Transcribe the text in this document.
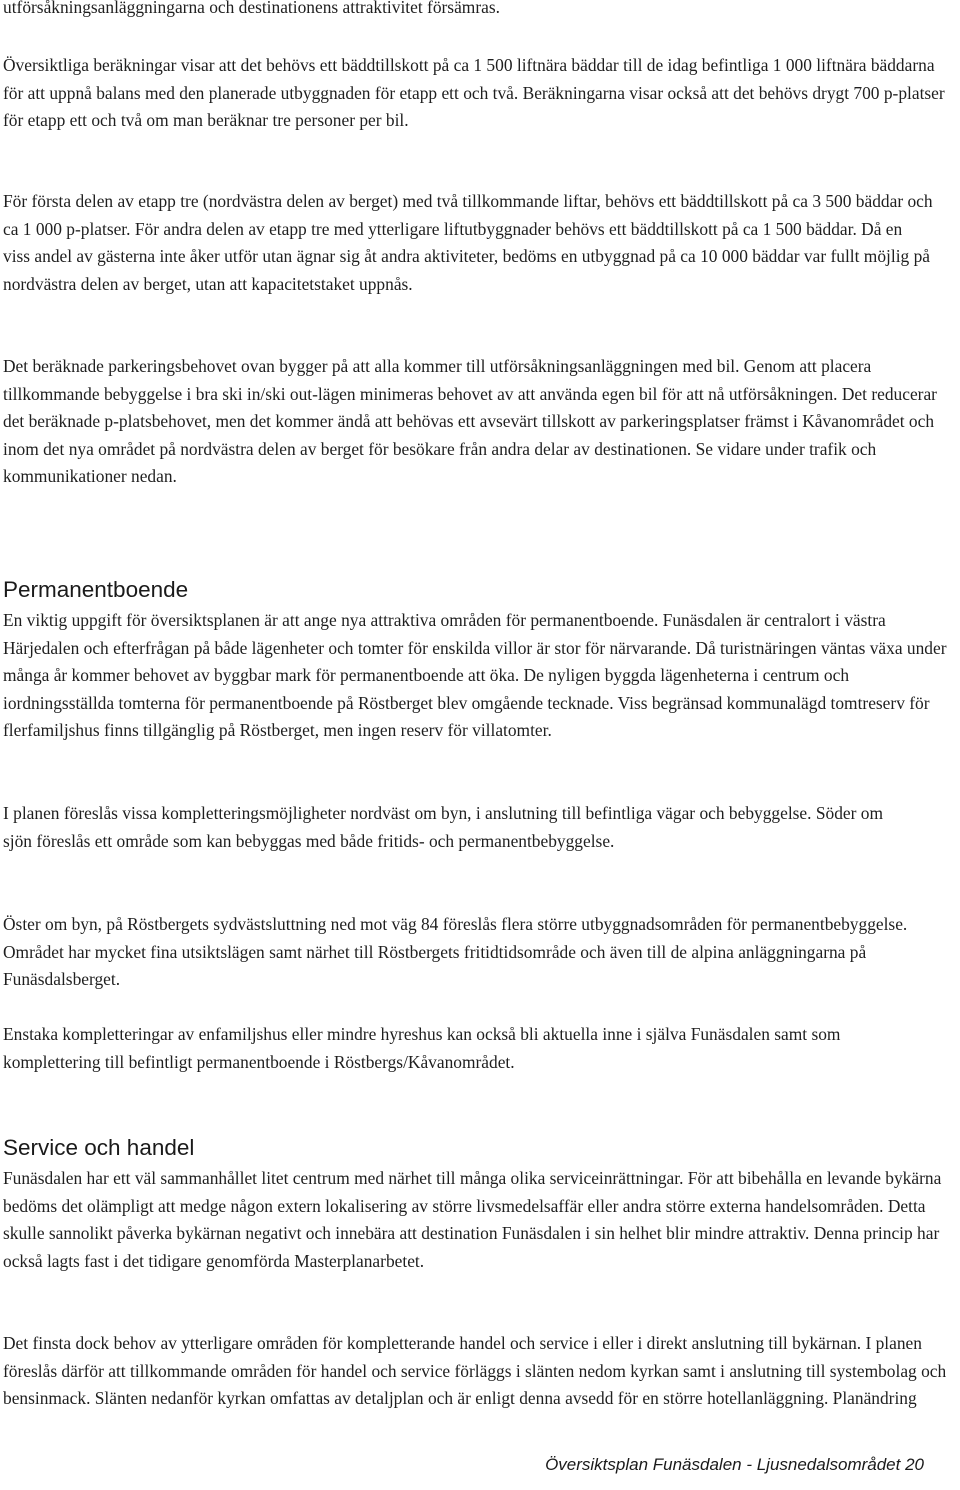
utförsåkningsanläggningarna och destinationens attraktivitet försämras.

Översiktliga beräkningar visar att det behövs ett bäddtillskott på ca 1 500 liftnära bäddar till de idag befintliga 1 000 liftnära bäddarna för att uppnå balans med den planerade utbyggnaden för etapp ett och två. Beräkningarna visar också att det behövs drygt 700 p-platser för etapp ett och två om man beräknar tre personer per bil.

För första delen av etapp tre (nordvästra delen av berget) med två tillkommande liftar, behövs ett bäddtillskott på ca 3 500 bäddar och ca 1 000 p-platser. För andra delen av etapp tre med ytterligare liftutbyggnader behövs ett bäddtillskott på ca 1 500 bäddar. Då en viss andel av gästerna inte åker utför utan ägnar sig åt andra aktiviteter, bedöms en utbyggnad på ca 10 000 bäddar var fullt möjlig på nordvästra delen av berget, utan att kapacitetstaket uppnås.

Det beräknade parkeringsbehovet ovan bygger på att alla kommer till utförsåkningsanläggningen med bil. Genom att placera tillkommande bebyggelse i bra ski in/ski out-lägen minimeras behovet av att använda egen bil för att nå utförsåkningen. Det reducerar det beräknade p-platsbehovet, men det kommer ändå att behövas ett avsevärt tillskott av parkeringsplatser främst i Kåvanområdet och inom det nya området på nordvästra delen av berget för besökare från andra delar av destinationen. Se vidare under trafik och kommunikationer nedan.

Permanentboende

En viktig uppgift för översiktsplanen är att ange nya attraktiva områden för permanentboende. Funäsdalen är centralort i västra Härjedalen och efterfrågan på både lägenheter och tomter för enskilda villor är stor för närvarande. Då turistnäringen väntas växa under många år kommer behovet av byggbar mark för permanentboende att öka. De nyligen byggda lägenheterna i centrum och iordningsställda tomterna för permanentboende på Röstberget blev omgående tecknade. Viss begränsad kommunalägd tomtreserv för flerfamiljshus finns tillgänglig på Röstberget, men ingen reserv för villatomter.

I planen föreslås vissa kompletteringsmöjligheter nordväst om byn, i anslutning till befintliga vägar och bebyggelse. Söder om sjön föreslås ett område som kan bebyggas med både fritids- och permanentbebyggelse.

Öster om byn, på Röstbergets sydvästsluttning ned mot väg 84 föreslås flera större utbyggnadsområden för permanentbebyggelse. Området har mycket fina utsiktslägen samt närhet till Röstbergets fritidtidsområde och även till de alpina anläggningarna på Funäsdalsberget.

Enstaka kompletteringar av enfamiljshus eller mindre hyreshus kan också bli aktuella inne i själva Funäsdalen samt som komplettering till befintligt permanentboende i Röstbergs/Kåvanområdet.

Service och handel

Funäsdalen har ett väl sammanhållet litet centrum med närhet till många olika serviceinrättningar. För att bibehålla en levande bykärna bedöms det olämpligt att medge någon extern lokalisering av större livsmedelsaffär eller andra större externa handelsområden. Detta skulle sannolikt påverka bykärnan negativt och innebära att destination Funäsdalen i sin helhet blir mindre attraktiv. Denna princip har också lagts fast i det tidigare genomförda Masterplanarbetet.

Det finsta dock behov av ytterligare områden för kompletterande handel och service i eller i direkt anslutning till bykärnan. I planen föreslås därför att tillkommande områden för handel och service förläggs i slänten nedom kyrkan samt i anslutning till systembolag och bensinmack. Slänten nedanför kyrkan omfattas av detaljplan och är enligt denna avsedd för en större hotellanläggning. Planändring

Översiktsplan Funäsdalen - Ljusnedalsområdet 20
